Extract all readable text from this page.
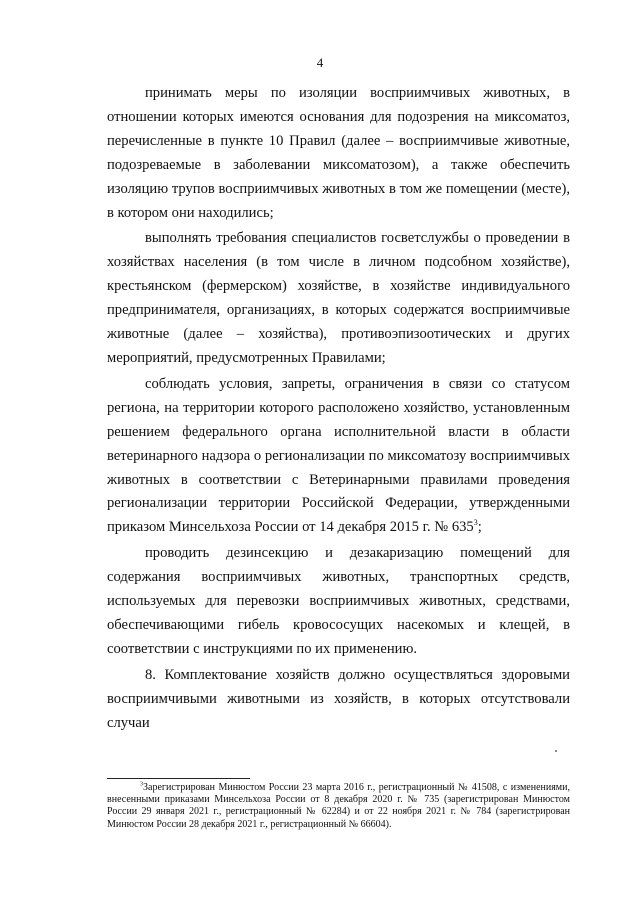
4

принимать меры по изоляции восприимчивых животных, в отношении которых имеются основания для подозрения на миксоматоз, перечисленные в пункте 10 Правил (далее – восприимчивые животные, подозреваемые в заболевании миксоматозом), а также обеспечить изоляцию трупов восприимчивых животных в том же помещении (месте), в котором они находились;

выполнять требования специалистов госветслужбы о проведении в хозяйствах населения (в том числе в личном подсобном хозяйстве), крестьянском (фермерском) хозяйстве, в хозяйстве индивидуального предпринимателя, организациях, в которых содержатся восприимчивые животные (далее – хозяйства), противоэпизоотических и других мероприятий, предусмотренных Правилами;

соблюдать условия, запреты, ограничения в связи со статусом региона, на территории которого расположено хозяйство, установленным решением федерального органа исполнительной власти в области ветеринарного надзора о регионализации по миксоматозу восприимчивых животных в соответствии с Ветеринарными правилами проведения регионализации территории Российской Федерации, утвержденными приказом Минсельхоза России от 14 декабря 2015 г. № $635^3$;

проводить дезинсекцию и дезакаризацию помещений для содержания восприимчивых животных, транспортных средств, используемых для перевозки восприимчивых животных, средствами, обеспечивающими гибель кровососущих насекомых и клещей, в соответствии с инструкциями по их применению.

8. Комплектование хозяйств должно осуществляться здоровыми восприимчивыми животными из хозяйств, в которых отсутствовали случаи

$^3$Зарегистрирован Минюстом России 23 марта 2016 г., регистрационный № 41508, с изменениями, внесенными приказами Минсельхоза России от 8 декабря 2020 г. № 735 (зарегистрирован Минюстом России 29 января 2021 г., регистрационный № 62284) и от 22 ноября 2021 г. № 784 (зарегистрирован Минюстом России 28 декабря 2021 г., регистрационный № 66604).
